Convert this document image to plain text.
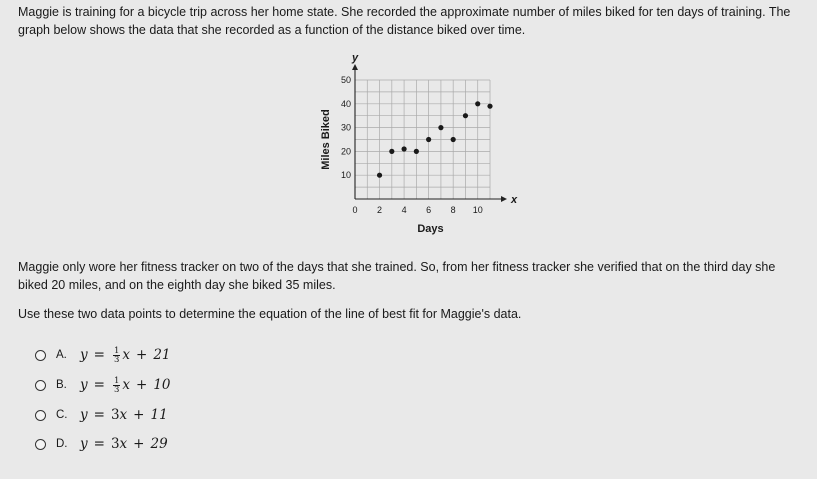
Maggie is training for a bicycle trip across her home state. She recorded the approximate number of miles biked for ten days of training. The graph below shows the data that she recorded as a function of the distance biked over time.

2 4 6 8 10
10
20
30
40
50
0
x
y
Days
Miles Biked

Maggie only wore her fitness tracker on two of the days that she trained. So, from her fitness tracker she verified that on the third day she biked 20 miles, and on the eighth day she biked 35 miles.

Use these two data points to determine the equation of the line of best fit for Maggie's data.

A. $y = \frac{1}{3}$ x + 21
B. $y = \frac{1}{3}$ x + 10
C. y = 3x + 11
D. y = 3x + 29
